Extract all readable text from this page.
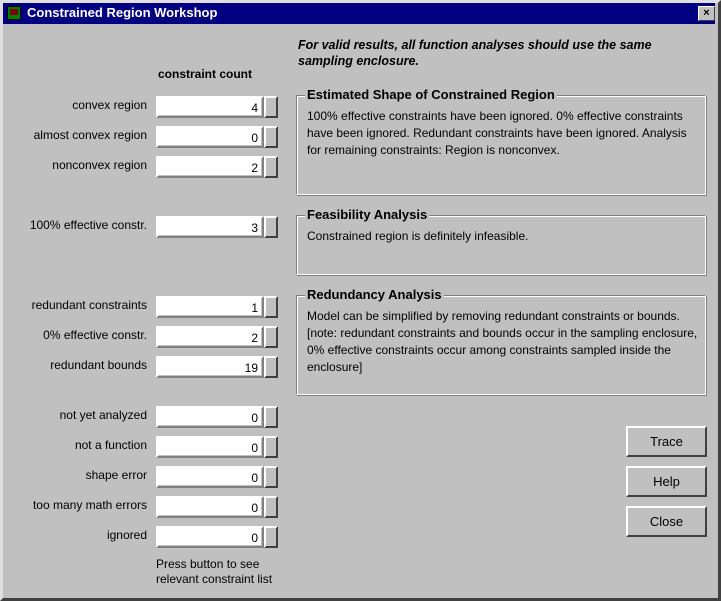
Constrained Region Workshop	×
For valid results, all function analyses should use the same sampling enclosure.
constraint count
convex region	4
almost convex region	0
nonconvex region	2
100% effective constr.	3
redundant constraints	1
0% effective constr.	2
redundant bounds	19
not yet analyzed	0
not a function	0
shape error	0
too many math errors	0
ignored	0
Press button to see relevant constraint list
Estimated Shape of Constrained Region
100% effective constraints have been ignored. 0% effective constraints have been ignored. Redundant constraints have been ignored. Analysis for remaining constraints: Region is nonconvex.
Feasibility Analysis
Constrained region is definitely infeasible.
Redundancy Analysis
Model can be simplified by removing redundant constraints or bounds. [note: redundant constraints and bounds occur in the sampling enclosure, 0% effective constraints occur among constraints sampled inside the enclosure]
Trace
Help
Close
